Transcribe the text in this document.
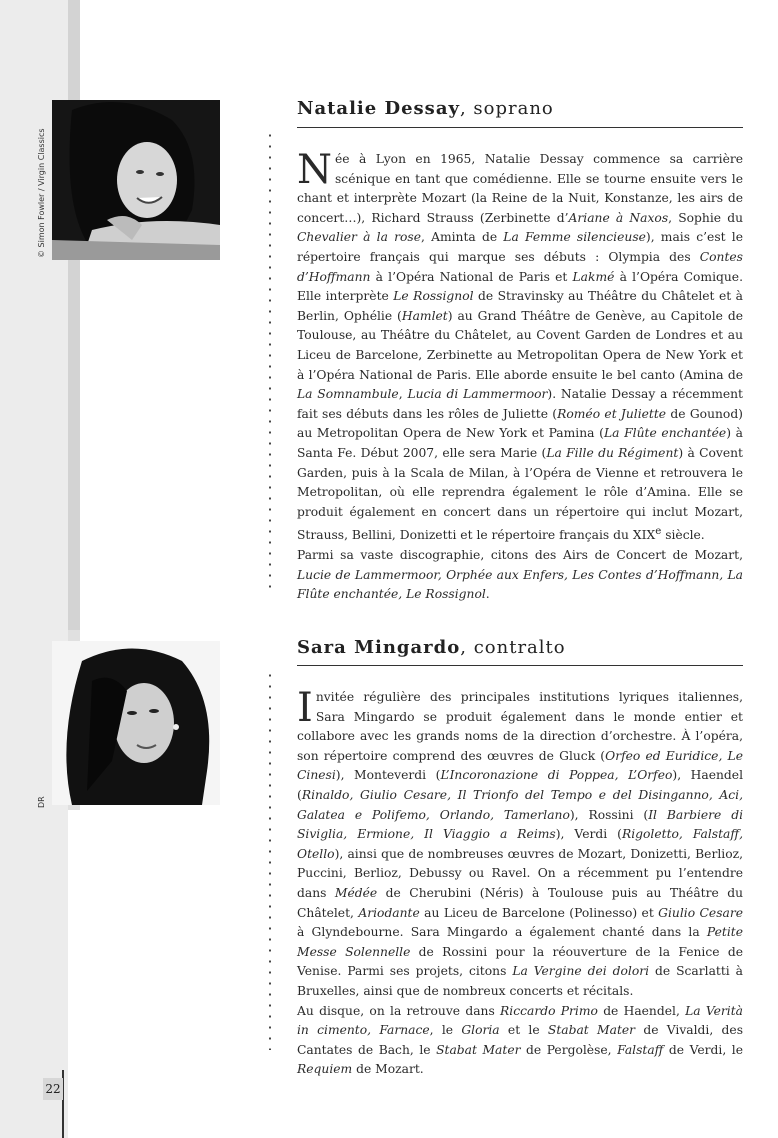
© Simon Fowler / Virgin Classics
DR
Natalie Dessay, soprano

Née à Lyon en 1965, Natalie Dessay commence sa carrière scénique en tant que comédienne. Elle se tourne ensuite vers le chant et interprète Mozart (la Reine de la Nuit, Konstanze, les airs de concert…), Richard Strauss (Zerbinette d’Ariane à Naxos, Sophie du Chevalier à la rose, Aminta de La Femme silencieuse), mais c’est le répertoire français qui marque ses débuts : Olympia des Contes d’Hoffmann à l’Opéra National de Paris et Lakmé à l’Opéra Comique. Elle interprète Le Rossignol de Stravinsky au Théâtre du Châtelet et à Berlin, Ophélie (Hamlet) au Grand Théâtre de Genève, au Capitole de Toulouse, au Théâtre du Châtelet, au Covent Garden de Londres et au Liceu de Barcelone, Zerbinette au Metropolitan Opera de New York et à l’Opéra National de Paris. Elle aborde ensuite le bel canto (Amina de La Somnambule, Lucia di Lammermoor). Natalie Dessay a récemment fait ses débuts dans les rôles de Juliette (Roméo et Juliette de Gounod) au Metropolitan Opera de New York et Pamina (La Flûte enchantée) à Santa Fe. Début 2007, elle sera Marie (La Fille du Régiment) à Covent Garden, puis à la Scala de Milan, à l’Opéra de Vienne et retrouvera le Metropolitan, où elle reprendra également le rôle d’Amina. Elle se produit également en concert dans un répertoire qui inclut Mozart, Strauss, Bellini, Donizetti et le répertoire français du XIXe siècle.

Parmi sa vaste discographie, citons des Airs de Concert de Mozart, Lucie de Lammermoor, Orphée aux Enfers, Les Contes d’Hoffmann, La Flûte enchantée, Le Rossignol.

Sara Mingardo, contralto

Invitée régulière des principales institutions lyriques italiennes, Sara Mingardo se produit également dans le monde entier et collabore avec les grands noms de la direction d’orchestre. À l’opéra, son répertoire comprend des œuvres de Gluck (Orfeo ed Euridice, Le Cinesi), Monteverdi (L’Incoronazione di Poppea, L’Orfeo), Haendel (Rinaldo, Giulio Cesare, Il Trionfo del Tempo e del Disinganno, Aci, Galatea e Polifemo, Orlando, Tamerlano), Rossini (Il Barbiere di Siviglia, Ermione, Il Viaggio a Reims), Verdi (Rigoletto, Falstaff, Otello), ainsi que de nombreuses œuvres de Mozart, Donizetti, Berlioz, Puccini, Berlioz, Debussy ou Ravel. On a récemment pu l’entendre dans Médée de Cherubini (Néris) à Toulouse puis au Théâtre du Châtelet, Ariodante au Liceu de Barcelone (Polinesso) et Giulio Cesare à Glyndebourne. Sara Mingardo a également chanté dans la Petite Messe Solennelle de Rossini pour la réouverture de la Fenice de Venise. Parmi ses projets, citons La Vergine dei dolori de Scarlatti à Bruxelles, ainsi que de nombreux concerts et récitals.

Au disque, on la retrouve dans Riccardo Primo de Haendel, La Verità in cimento, Farnace, le Gloria et le Stabat Mater de Vivaldi, des Cantates de Bach, le Stabat Mater de Pergolèse, Falstaff de Verdi, le Requiem de Mozart.

22
